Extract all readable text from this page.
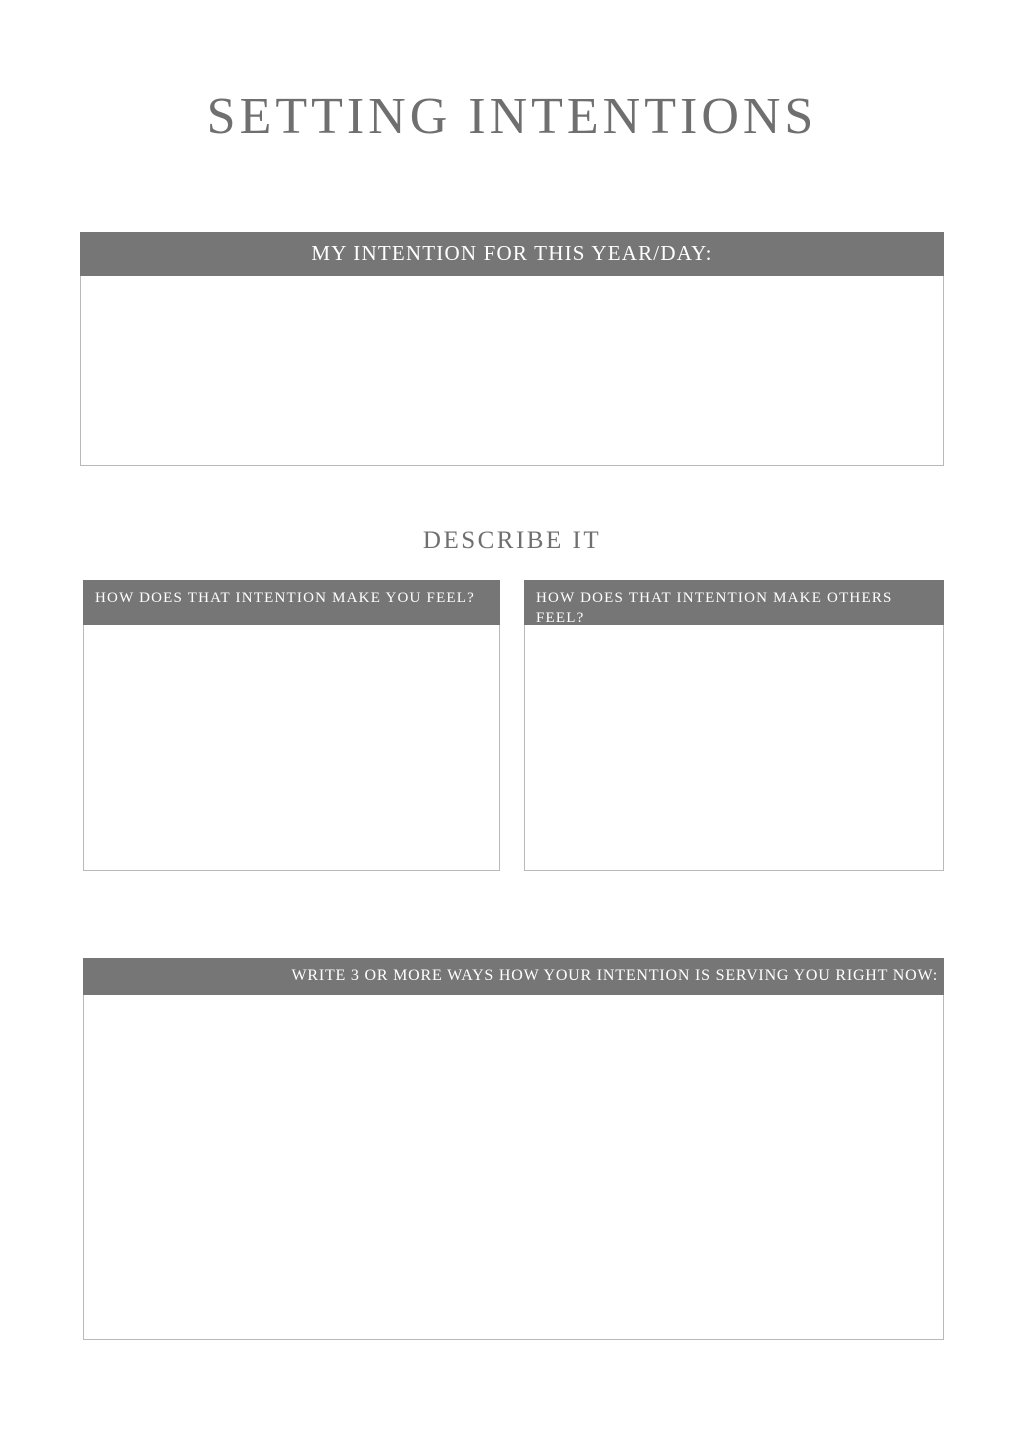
SETTING INTENTIONS
MY INTENTION FOR THIS YEAR/DAY:
DESCRIBE IT
HOW DOES THAT INTENTION MAKE YOU FEEL?	HOW DOES THAT INTENTION MAKE OTHERS FEEL?
WRITE 3 OR MORE WAYS HOW YOUR INTENTION IS SERVING YOU RIGHT NOW:
